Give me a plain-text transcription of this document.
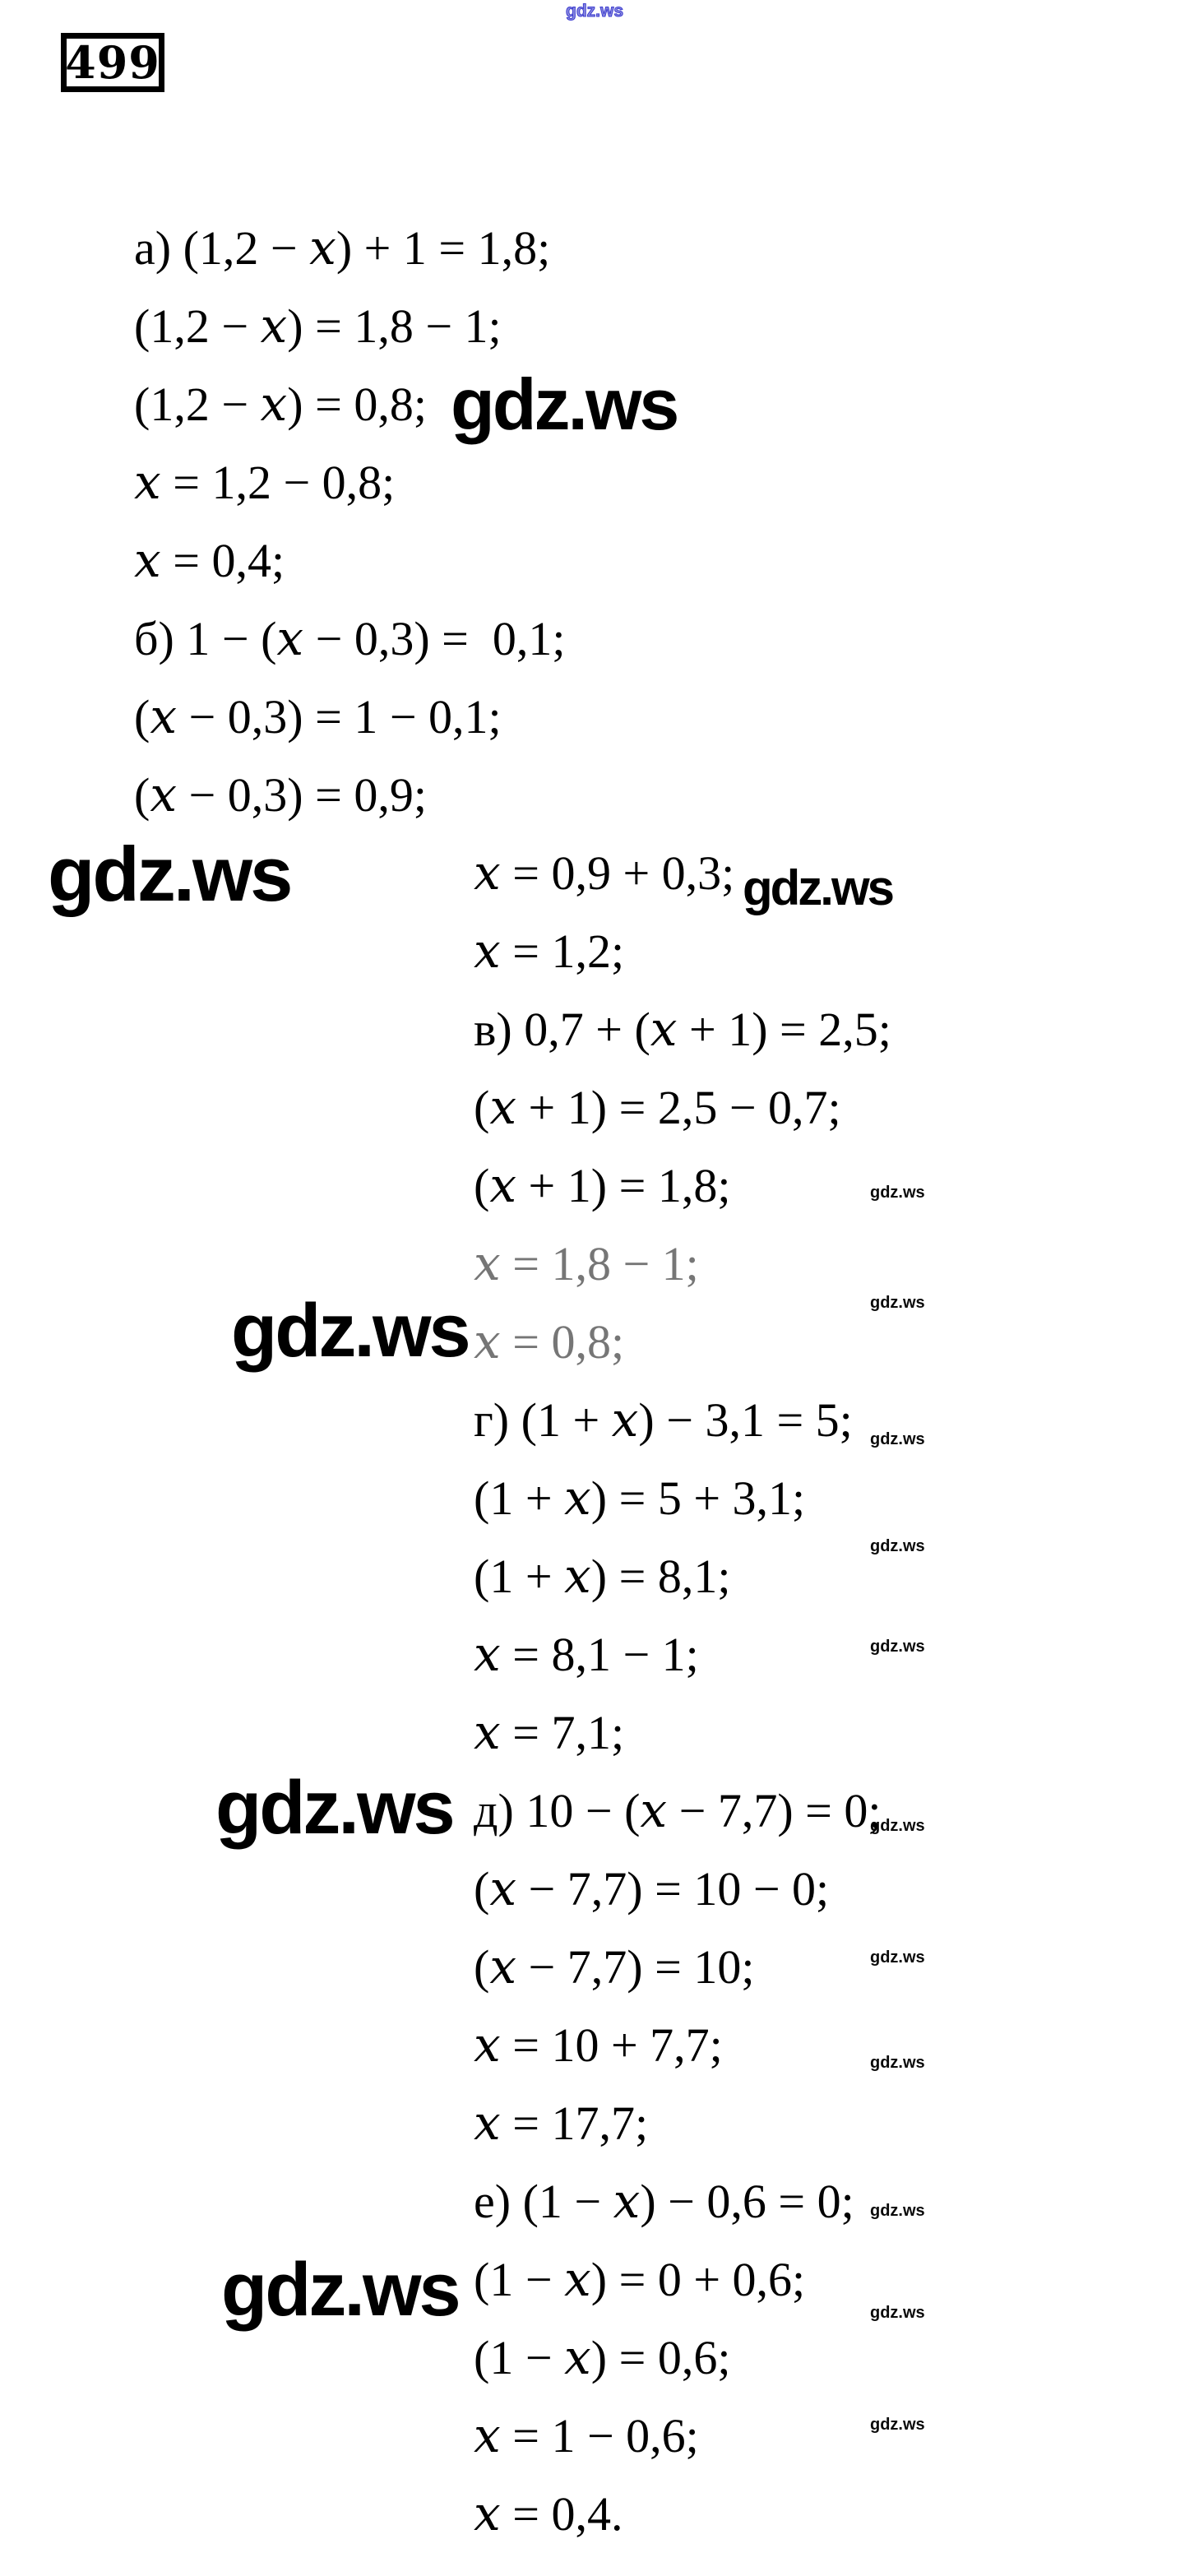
gdz.ws
499
а) (1,2 − x) + 1 = 1,8;
(1,2 − x) = 1,8 − 1;
(1,2 − x) = 0,8;
x = 1,2 − 0,8;
x = 0,4;
б) 1 − (x − 0,3) = 0,1;
(x − 0,3) = 1 − 0,1;
(x − 0,3) = 0,9;
x = 0,9 + 0,3;
x = 1,2;
в) 0,7 + (x + 1) = 2,5;
(x + 1) = 2,5 − 0,7;
(x + 1) = 1,8;
x = 1,8 − 1;
x = 0,8;
г) (1 + x) − 3,1 = 5;
(1 + x) = 5 + 3,1;
(1 + x) = 8,1;
x = 8,1 − 1;
x = 7,1;
д) 10 − (x − 7,7) = 0;
(x − 7,7) = 10 − 0;
(x − 7,7) = 10;
x = 10 + 7,7;
x = 17,7;
е) (1 − x) − 0,6 = 0;
(1 − x) = 0 + 0,6;
(1 − x) = 0,6;
x = 1 − 0,6;
x = 0,4.
gdz.ws
gdz.ws	gdz.ws
gdz.ws
gdz.ws
gdz.ws
gdz.ws
gdz.ws
gdz.ws
gdz.ws
gdz.ws
gdz.ws
gdz.ws
gdz.ws
gdz.ws
gdz.ws
gdz.ws
